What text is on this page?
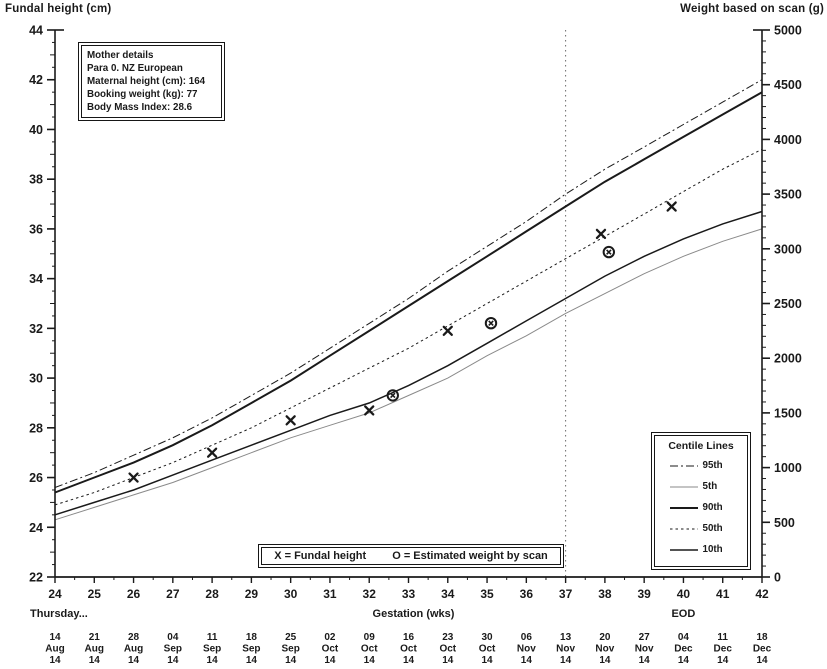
Fundal height (cm)	Weight based on scan (g)
22
24
26
28
30
32
34
36
38
40
42
44
0
500
1000
1500
2000
2500
3000
3500
4000
4500
5000
24 25 26 27 28 29 30 31 32 33 34 35 36 37 38 39 40 41 42
14
Aug
14
21
Aug
14
28
Aug
14
04
Sep
14
11
Sep
14
18
Sep
14
25
Sep
14
02
Oct
14
09
Oct
14
16
Oct
14
23
Oct
14
30
Oct
14
06
Nov
14
13
Nov
14
20
Nov
14
27
Nov
14
04
Dec
14
11
Dec
14
18
Dec
14
Mother details
Para 0. NZ European
Maternal height (cm): 164
Booking weight (kg): 77
Body Mass Index: 28.6
Centile Lines
95th
5th
90th
50th
10th
X = Fundal height O = Estimated weight by scan
Thursday...	Gestation (wks)	EOD
